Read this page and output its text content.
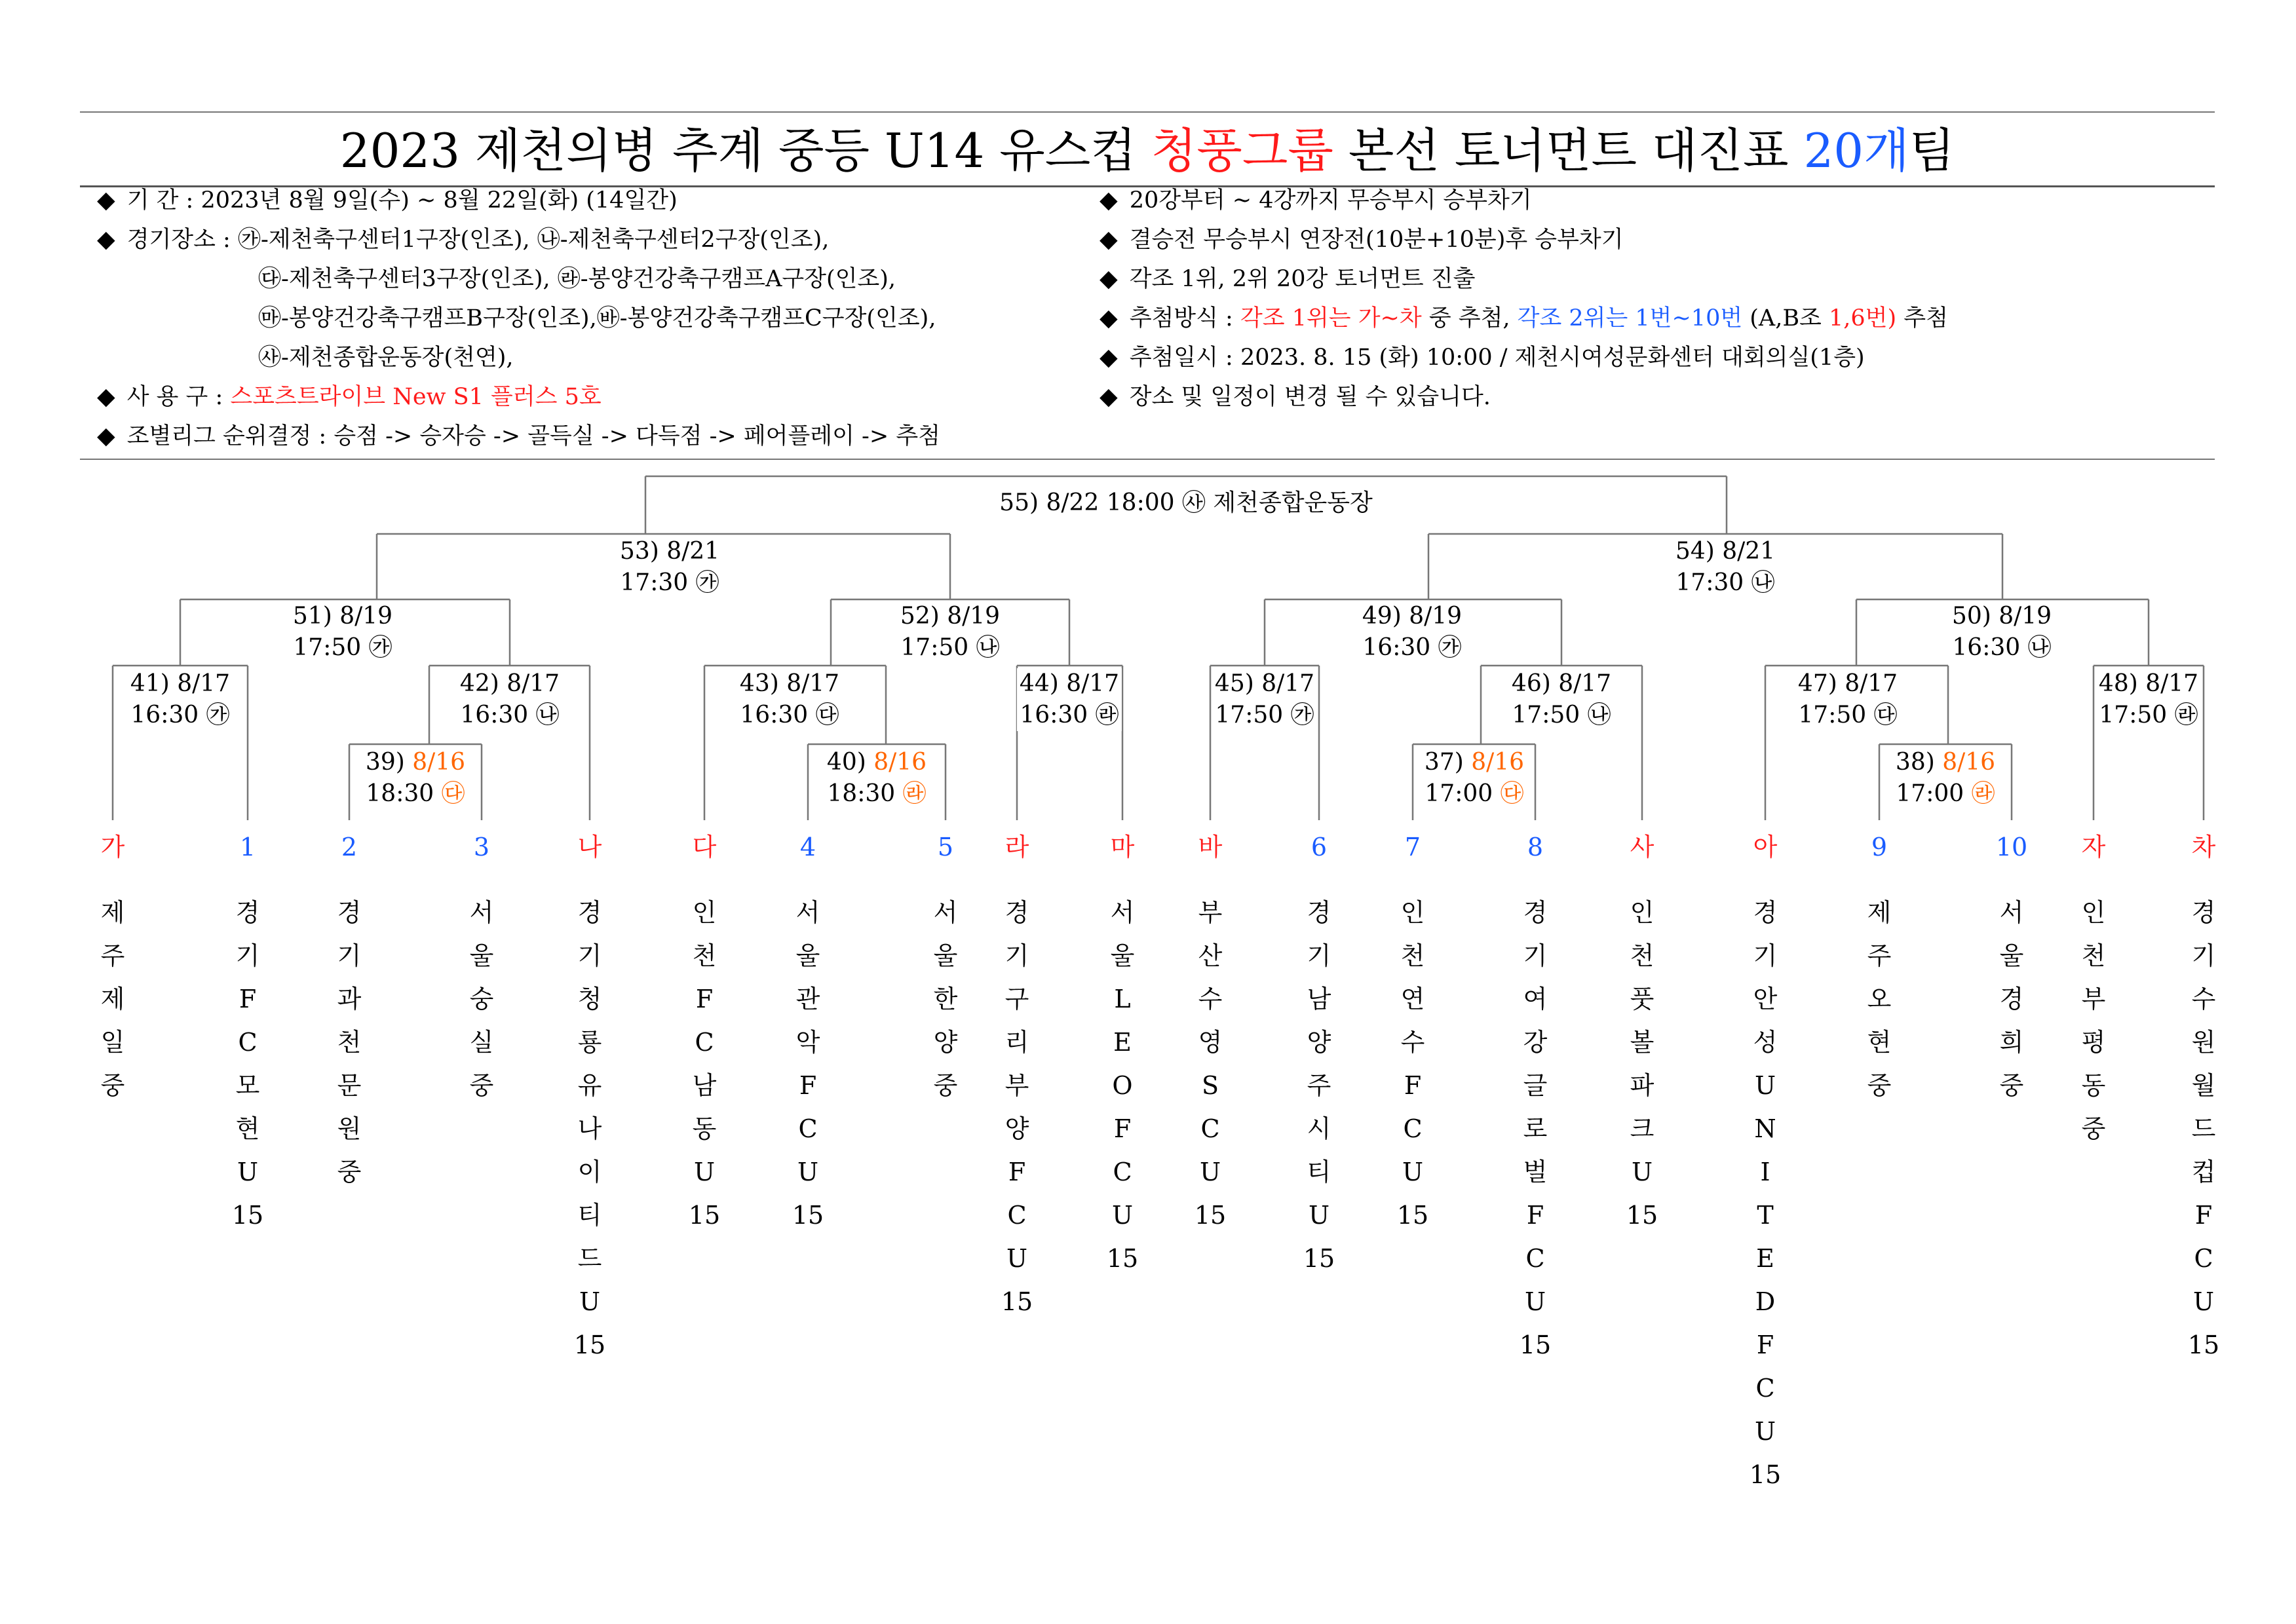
2023 제천의병 추계 중등 U14 유스컵 청풍그룹 본선 토너먼트 대진표 20개팀
◆ 기 간 : 2023년 8월 9일(수) ~ 8월 22일(화) (14일간)
◆ 경기장소 : ㉮-제천축구센터1구장(인조), ㉯-제천축구센터2구장(인조),
㉰-제천축구센터3구장(인조), ㉱-봉양건강축구캠프A구장(인조),
㉲-봉양건강축구캠프B구장(인조),㉳-봉양건강축구캠프C구장(인조),
㉴-제천종합운동장(천연),
◆ 사 용 구 : 스포츠트라이브 New S1 플러스 5호
◆ 조별리그 순위결정 : 승점 -> 승자승 -> 골득실 -> 다득점 -> 페어플레이 -> 추첨
◆ 20강부터 ~ 4강까지 무승부시 승부차기
◆ 결승전 무승부시 연장전(10분+10분)후 승부차기
◆ 각조 1위, 2위 20강 토너먼트 진출
◆ 추첨방식 : 각조 1위는 가~차 중 추첨, 각조 2위는 1번~10번 (A,B조 1,6번) 추첨
◆ 추첨일시 : 2023. 8. 15 (화) 10:00 / 제천시여성문화센터 대회의실(1층)
◆ 장소 및 일정이 변경 될 수 있습니다.
55) 8/22 18:00 ㉴ 제천종합운동장
53) 8/21
17:30 ㉮
54) 8/21
17:30 ㉯
51) 8/19
17:50 ㉮
52) 8/19
17:50 ㉯
49) 8/19
16:30 ㉮
50) 8/19
16:30 ㉯
41) 8/17
16:30 ㉮
42) 8/17
16:30 ㉯
43) 8/17
16:30 ㉰
44) 8/17
16:30 ㉱
45) 8/17
17:50 ㉮
46) 8/17
17:50 ㉯
47) 8/17
17:50 ㉰
48) 8/17
17:50 ㉱
39) 8/16
18:30 ㉰
40) 8/16
18:30 ㉱
37) 8/16
17:00 ㉰
38) 8/16
17:00 ㉱
가
제
주
제
일
중
1
경
기
F
C
모
현
U
15
2
경
기
과
천
문
원
중
3
서
울
숭
실
중
나
경
기
청
룡
유
나
이
티
드
U
15
다
인
천
F
C
남
동
U
15
4
서
울
관
악
F
C
U
15
5
서
울
한
양
중
라
경
기
구
리
부
양
F
C
U
15
마
서
울
L
E
O
F
C
U
15
바
부
산
수
영
S
C
U
15
6
경
기
남
양
주
시
티
U
15
7
인
천
연
수
F
C
U
15
8
경
기
여
강
글
로
벌
F
C
U
15
사
인
천
풋
볼
파
크
U
15
아
경
기
안
성
U
N
I
T
E
D
F
C
U
15
9
제
주
오
현
중
10
서
울
경
희
중
자
인
천
부
평
동
중
차
경
기
수
원
월
드
컵
F
C
U
15
